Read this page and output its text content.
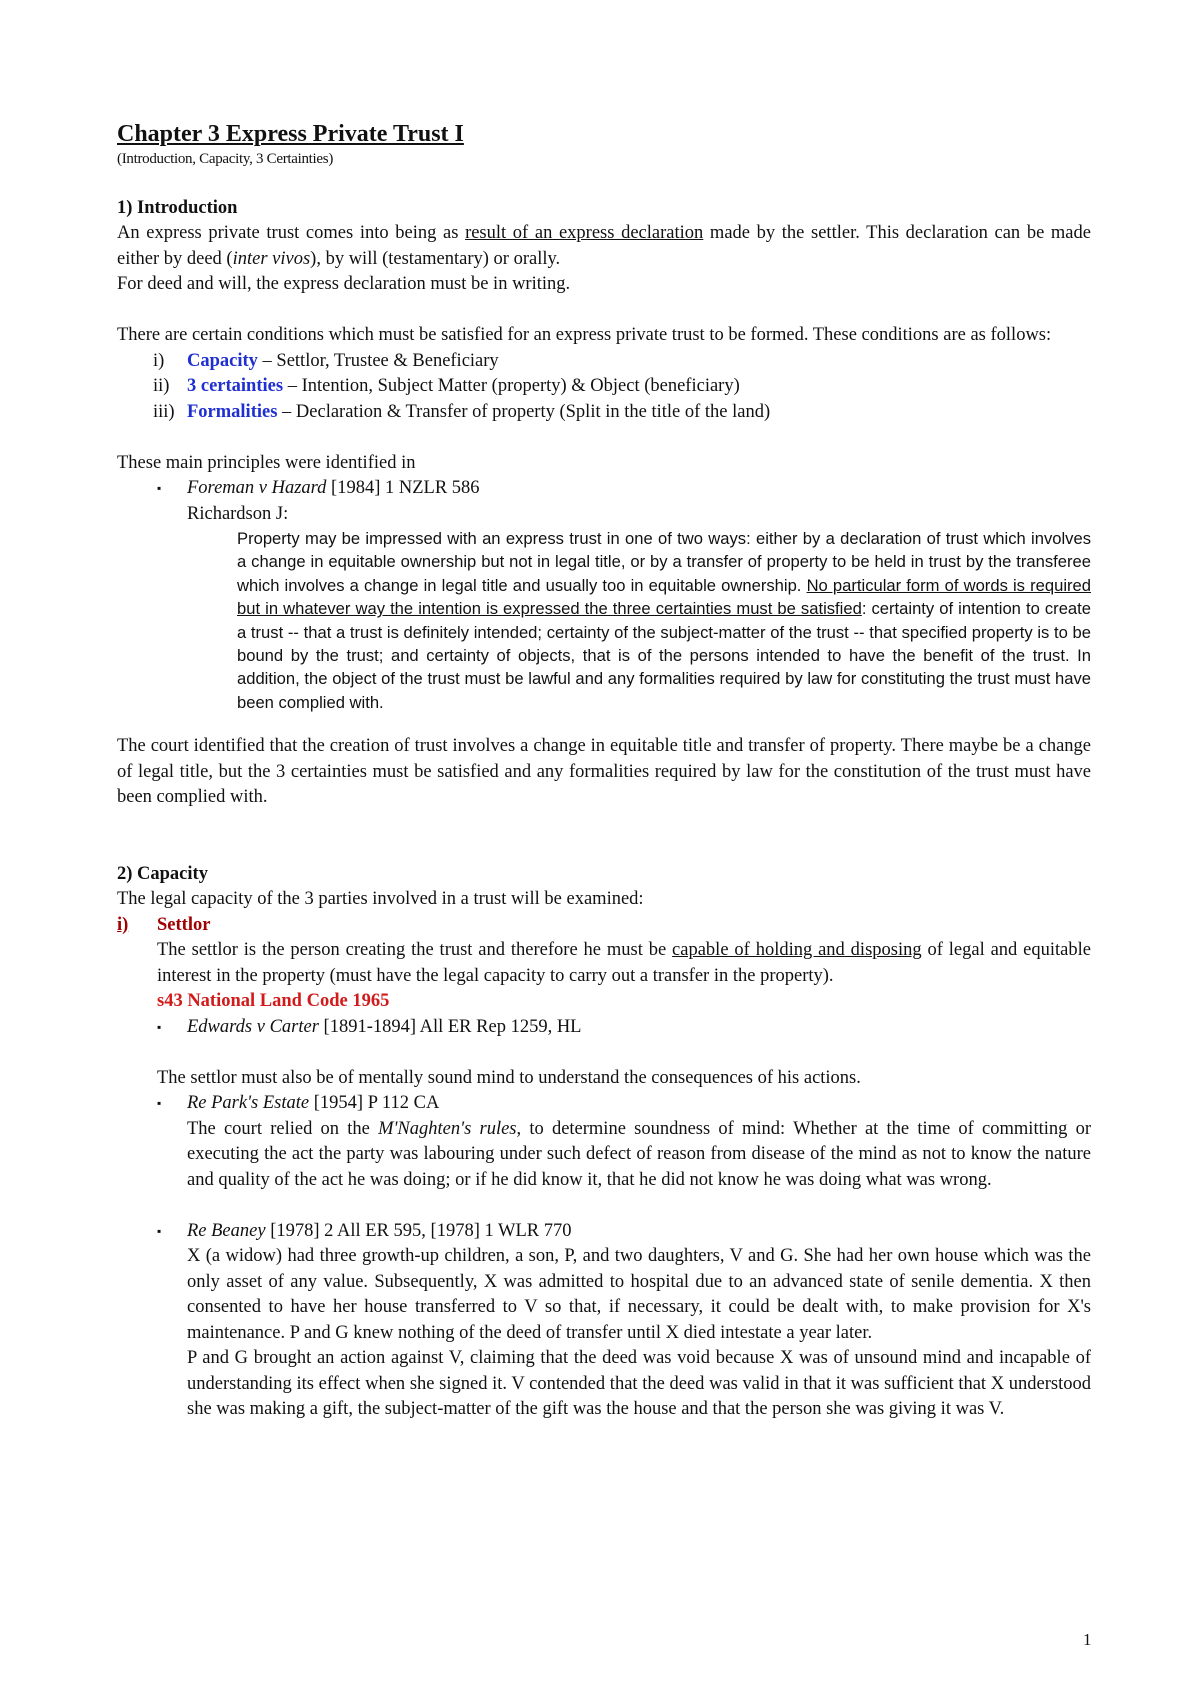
Chapter 3 Express Private Trust I
(Introduction, Capacity, 3 Certainties)
1) Introduction

An express private trust comes into being as result of an express declaration made by the settler. This declaration can be made either by deed (inter vivos), by will (testamentary) or orally.

For deed and will, the express declaration must be in writing.

There are certain conditions which must be satisfied for an express private trust to be formed. These conditions are as follows:

i)	Capacity – Settlor, Trustee & Beneficiary
ii) 3 certainties – Intention, Subject Matter (property) & Object (beneficiary)
iii) Formalities – Declaration & Transfer of property (Split in the title of the land)

These main principles were identified in

▪	Foreman v Hazard [1984] 1 NZLR 586
Richardson J:
Property may be impressed with an express trust in one of two ways: either by a declaration of trust which involves a change in equitable ownership but not in legal title, or by a transfer of property to be held in trust by the transferee which involves a change in legal title and usually too in equitable ownership. No particular form of words is required but in whatever way the intention is expressed the three certainties must be satisfied: certainty of intention to create a trust -- that a trust is definitely intended; certainty of the subject-matter of the trust -- that specified property is to be bound by the trust; and certainty of objects, that is of the persons intended to have the benefit of the trust. In addition, the object of the trust must be lawful and any formalities required by law for constituting the trust must have been complied with.

The court identified that the creation of trust involves a change in equitable title and transfer of property. There maybe be a change of legal title, but the 3 certainties must be satisfied and any formalities required by law for the constitution of the trust must have been complied with.

2) Capacity

The legal capacity of the 3 parties involved in a trust will be examined:

i)	Settlor

The settlor is the person creating the trust and therefore he must be capable of holding and disposing of legal and equitable interest in the property (must have the legal capacity to carry out a transfer in the property).

s43 National Land Code 1965
▪	Edwards v Carter [1891-1894] All ER Rep 1259, HL

The settlor must also be of mentally sound mind to understand the consequences of his actions.

▪	Re Park's Estate [1954] P 112 CA

The court relied on the M'Naghten's rules, to determine soundness of mind: Whether at the time of committing or executing the act the party was labouring under such defect of reason from disease of the mind as not to know the nature and quality of the act he was doing; or if he did know it, that he did not know he was doing what was wrong.

▪	Re Beaney [1978] 2 All ER 595, [1978] 1 WLR 770

X (a widow) had three growth-up children, a son, P, and two daughters, V and G. She had her own house which was the only asset of any value. Subsequently, X was admitted to hospital due to an advanced state of senile dementia. X then consented to have her house transferred to V so that, if necessary, it could be dealt with, to make provision for X's maintenance. P and G knew nothing of the deed of transfer until X died intestate a year later.

P and G brought an action against V, claiming that the deed was void because X was of unsound mind and incapable of understanding its effect when she signed it. V contended that the deed was valid in that it was sufficient that X understood she was making a gift, the subject-matter of the gift was the house and that the person she was giving it was V.

1
